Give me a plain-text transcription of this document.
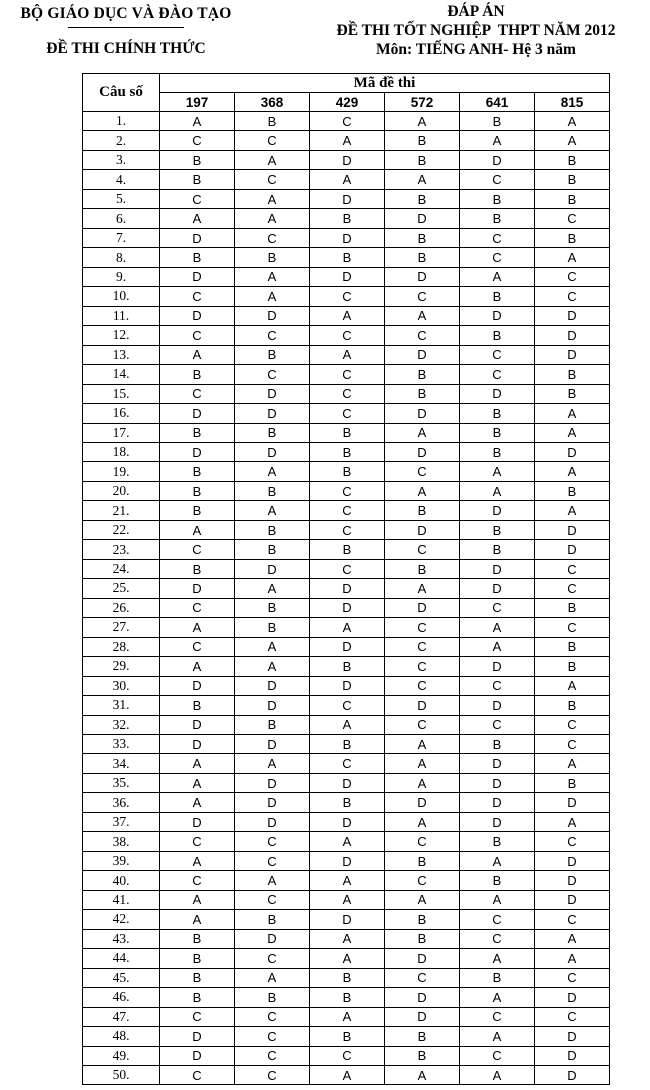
BỘ GIÁO DỤC VÀ ĐÀO TẠO
ĐỀ THI CHÍNH THỨC
ĐÁP ÁN
ĐỀ THI TỐT NGHIỆP  THPT NĂM 2012
Môn: TIẾNG ANH- Hệ 3 năm
Câu số	Mã đề thi					
	197	368	429	572	641	815
1.	A	B	C	A	B	A
2.	C	C	A	B	A	A
3.	B	A	D	B	D	B
4.	B	C	A	A	C	B
5.	C	A	D	B	B	B
6.	A	A	B	D	B	C
7.	D	C	D	B	C	B
8.	B	B	B	B	C	A
9.	D	A	D	D	A	C
10.	C	A	C	C	B	C
11.	D	D	A	A	D	D
12.	C	C	C	C	B	D
13.	A	B	A	D	C	D
14.	B	C	C	B	C	B
15.	C	D	C	B	D	B
16.	D	D	C	D	B	A
17.	B	B	B	A	B	A
18.	D	D	B	D	B	D
19.	B	A	B	C	A	A
20.	B	B	C	A	A	B
21.	B	A	C	B	D	A
22.	A	B	C	D	B	D
23.	C	B	B	C	B	D
24.	B	D	C	B	D	C
25.	D	A	D	A	D	C
26.	C	B	D	D	C	B
27.	A	B	A	C	A	C
28.	C	A	D	C	A	B
29.	A	A	B	C	D	B
30.	D	D	D	C	C	A
31.	B	D	C	D	D	B
32.	D	B	A	C	C	C
33.	D	D	B	A	B	C
34.	A	A	C	A	D	A
35.	A	D	D	A	D	B
36.	A	D	B	D	D	D
37.	D	D	D	A	D	A
38.	C	C	A	C	B	C
39.	A	C	D	B	A	D
40.	C	A	A	C	B	D
41.	A	C	A	A	A	D
42.	A	B	D	B	C	C
43.	B	D	A	B	C	A
44.	B	C	A	D	A	A
45.	B	A	B	C	B	C
46.	B	B	B	D	A	D
47.	C	C	A	D	C	C
48.	D	C	B	B	A	D
49.	D	C	C	B	C	D
50.	C	C	A	A	A	D
